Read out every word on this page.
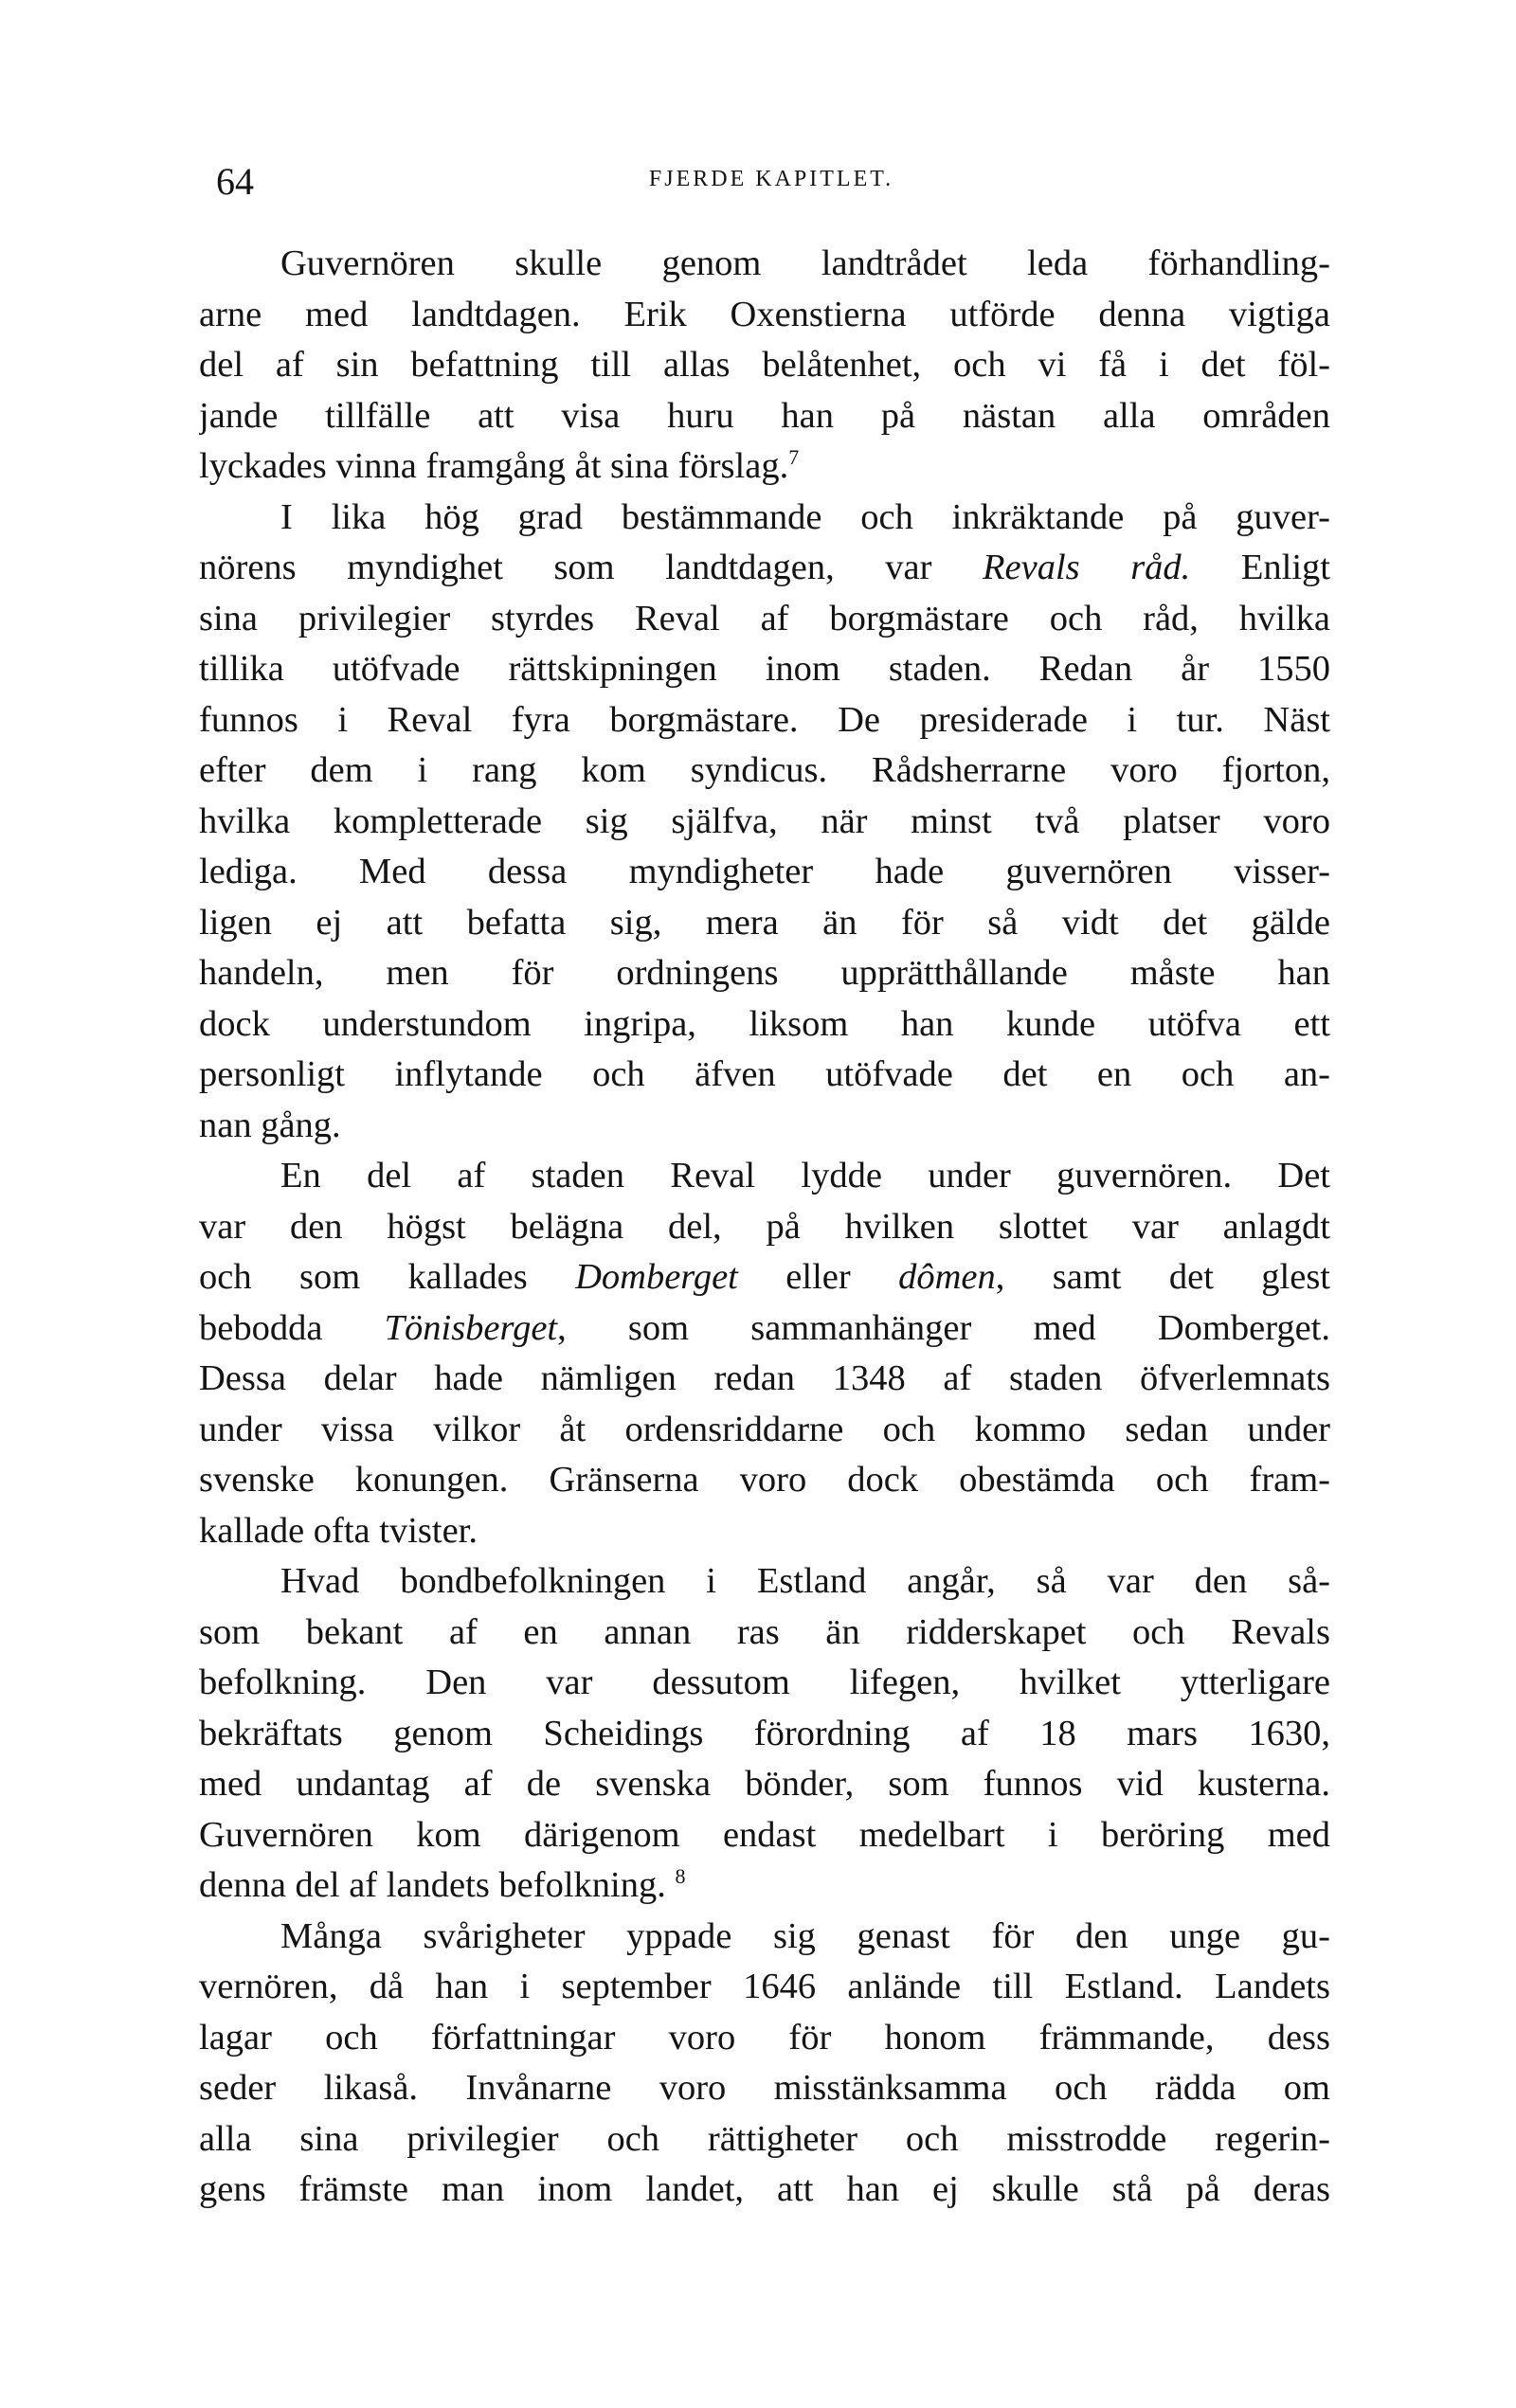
64	FJERDE KAPITLET.
Guvernören skulle genom landtrådet leda förhandling-
arne med landtdagen. Erik Oxenstierna utförde denna vigtiga
del af sin befattning till allas belåtenhet, och vi få i det föl-
jande tillfälle att visa huru han på nästan alla områden
lyckades vinna framgång åt sina förslag.$^7$
I lika hög grad bestämmande och inkräktande på guver-
nörens myndighet som landtdagen, var Revals råd. Enligt
sina privilegier styrdes Reval af borgmästare och råd, hvilka
tillika utöfvade rättskipningen inom staden. Redan år 1550
funnos i Reval fyra borgmästare. De presiderade i tur. Näst
efter dem i rang kom syndicus. Rådsherrarne voro fjorton,
hvilka kompletterade sig själfva, när minst två platser voro
lediga. Med dessa myndigheter hade guvernören visser-
ligen ej att befatta sig, mera än för så vidt det gälde
handeln, men för ordningens upprätthållande måste han
dock understundom ingripa, liksom han kunde utöfva ett
personligt inflytande och äfven utöfvade det en och an-
nan gång.
En del af staden Reval lydde under guvernören. Det
var den högst belägna del, på hvilken slottet var anlagdt
och som kallades Domberget eller dômen, samt det glest
bebodda Tönisberget, som sammanhänger med Domberget.
Dessa delar hade nämligen redan 1348 af staden öfverlemnats
under vissa vilkor åt ordensriddarne och kommo sedan under
svenske konungen. Gränserna voro dock obestämda och fram-
kallade ofta tvister.
Hvad bondbefolkningen i Estland angår, så var den så-
som bekant af en annan ras än ridderskapet och Revals
befolkning. Den var dessutom lifegen, hvilket ytterligare
bekräftats genom Scheidings förordning af 18 mars 1630,
med undantag af de svenska bönder, som funnos vid kusterna.
Guvernören kom därigenom endast medelbart i beröring med
denna del af landets befolkning. $^8$
Många svårigheter yppade sig genast för den unge gu-
vernören, då han i september 1646 anlände till Estland. Landets
lagar och författningar voro för honom främmande, dess
seder likaså. Invånarne voro misstänksamma och rädda om
alla sina privilegier och rättigheter och misstrodde regerin-
gens främste man inom landet, att han ej skulle stå på deras
